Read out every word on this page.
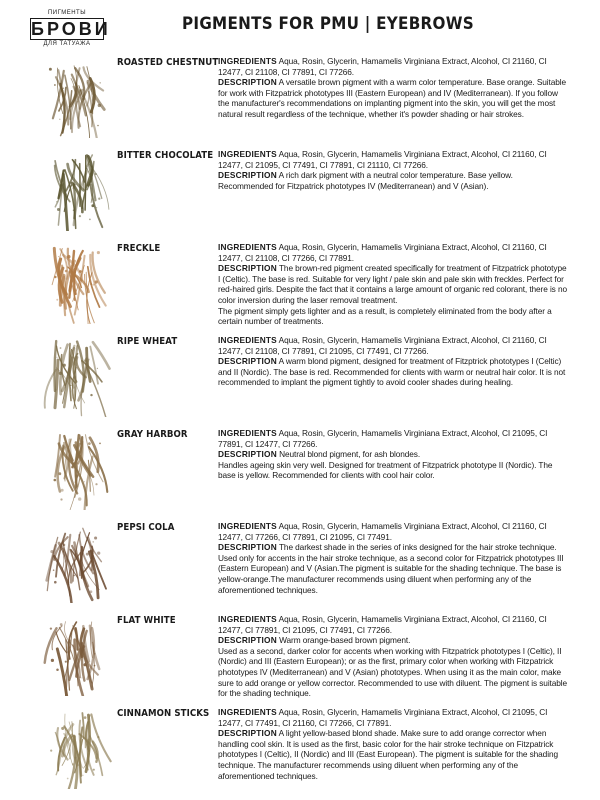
ПИГМЕНТЫ
БРОВИ
ДЛЯ ТАТУАЖА
PIGMENTS FOR PMU | EYEBROWS
ROASTED CHESTNUT INGREDIENTS Aqua, Rosin, Glycerin, Hamamelis Virginiana Extract, Alcohol, CI 21160, CI 12477, CI 21108, CI 77891, CI 77266.

DESCRIPTION A versatile brown pigment with a warm color temperature. Base orange. Suitable for work with Fitzpatrick phototypes III (Eastern European) and IV (Mediterranean). If you follow the manufacturer's recommendations on implanting pigment into the skin, you will get the most natural result regardless of the technique, whether it's powder shading or hair strokes.

BITTER CHOCOLATE INGREDIENTS Aqua, Rosin, Glycerin, Hamamelis Virginiana Extract, Alcohol, CI 21160, CI 12477, CI 21095, CI 77491, CI 77891, CI 21110, CI 77266.

DESCRIPTION A rich dark pigment with a neutral color temperature. Base yellow. Recommended for Fitzpatrick phototypes IV (Mediterranean) and V (Asian).

FRECKLE	INGREDIENTS Aqua, Rosin, Glycerin, Hamamelis Virginiana Extract, Alcohol, CI 21160, CI 12477, CI 21108, CI 77266, CI 77891.

DESCRIPTION The brown-red pigment created specifically for treatment of Fitzpatrick phototype I (Celtic). The base is red. Suitable for very light / pale skin and pale skin with freckles. Perfect for red-haired girls. Despite the fact that it contains a large amount of organic red colorant, there is no color inversion during the laser removal treatment.

The pigment simply gets lighter and as a result, is completely eliminated from the body after a certain number of treatments.

RIPE WHEAT	INGREDIENTS Aqua, Rosin, Glycerin, Hamamelis Virginiana Extract, Alcohol, CI 21160, CI 12477, CI 21108, CI 77891, CI 21095, CI 77491, CI 77266.

DESCRIPTION A warm blond pigment, designed for treatment of Fitzptrick phototypes I (Celtic) and II (Nordic). The base is red. Recommended for clients with warm or neutral hair color. It is not recommended to implant the pigment tightly to avoid cooler shades during healing.

GRAY HARBOR	INGREDIENTS Aqua, Rosin, Glycerin, Hamamelis Virginiana Extract, Alcohol, CI 21095, CI 77891, CI 12477, CI 77266.

DESCRIPTION Neutral blond pigment, for ash blondes.

Handles ageing skin very well. Designed for treatment of Fitzpatrick phototype II (Nordic). The base is yellow. Recommended for clients with cool hair color.

PEPSI COLA	INGREDIENTS Aqua, Rosin, Glycerin, Hamamelis Virginiana Extract, Alcohol, CI 21160, CI 12477, CI 77266, CI 77891, CI 21095, CI 77491.

DESCRIPTION The darkest shade in the series of inks designed for the hair stroke technique. Used only for accents in the hair stroke technique, as a second color for Fitzpatrick phototypes III (Eastern European) and V (Asian.The pigment is suitable for the shading technique. The base is yellow-orange.The manufacturer recommends using diluent when performing any of the aforementioned techniques.

FLAT WHITE	INGREDIENTS Aqua, Rosin, Glycerin, Hamamelis Virginiana Extract, Alcohol, CI 21160, CI 12477, CI 77891, CI 21095, CI 77491, CI 77266.

DESCRIPTION Warm orange-based brown pigment.

Used as a second, darker color for accents when working with Fitzpatrick phototypes I (Celtic), II (Nordic) and III (Eastern European); or as the first, primary color when working with Fitzpatrick phototypes IV (Mediterranean) and V (Asian) phototypes. When using it as the main color, make sure to add orange or yellow corrector. Recommended to use with diluent. The pigment is suitable for the shading technique.

CINNAMON STICKS INGREDIENTS Aqua, Rosin, Glycerin, Hamamelis Virginiana Extract, Alcohol, CI 21095, CI 12477, CI 77491, CI 21160, CI 77266, CI 77891.

DESCRIPTION A light yellow-based blond shade. Make sure to add orange corrector when handling cool skin. It is used as the first, basic color for the hair stroke technique on Fitzpatrick phototypes I (Celtic), II (Nordic) and III (East European). The pigment is suitable for the shading technique. The manufacturer recommends using diluent when performing any of the aforementioned techniques.
